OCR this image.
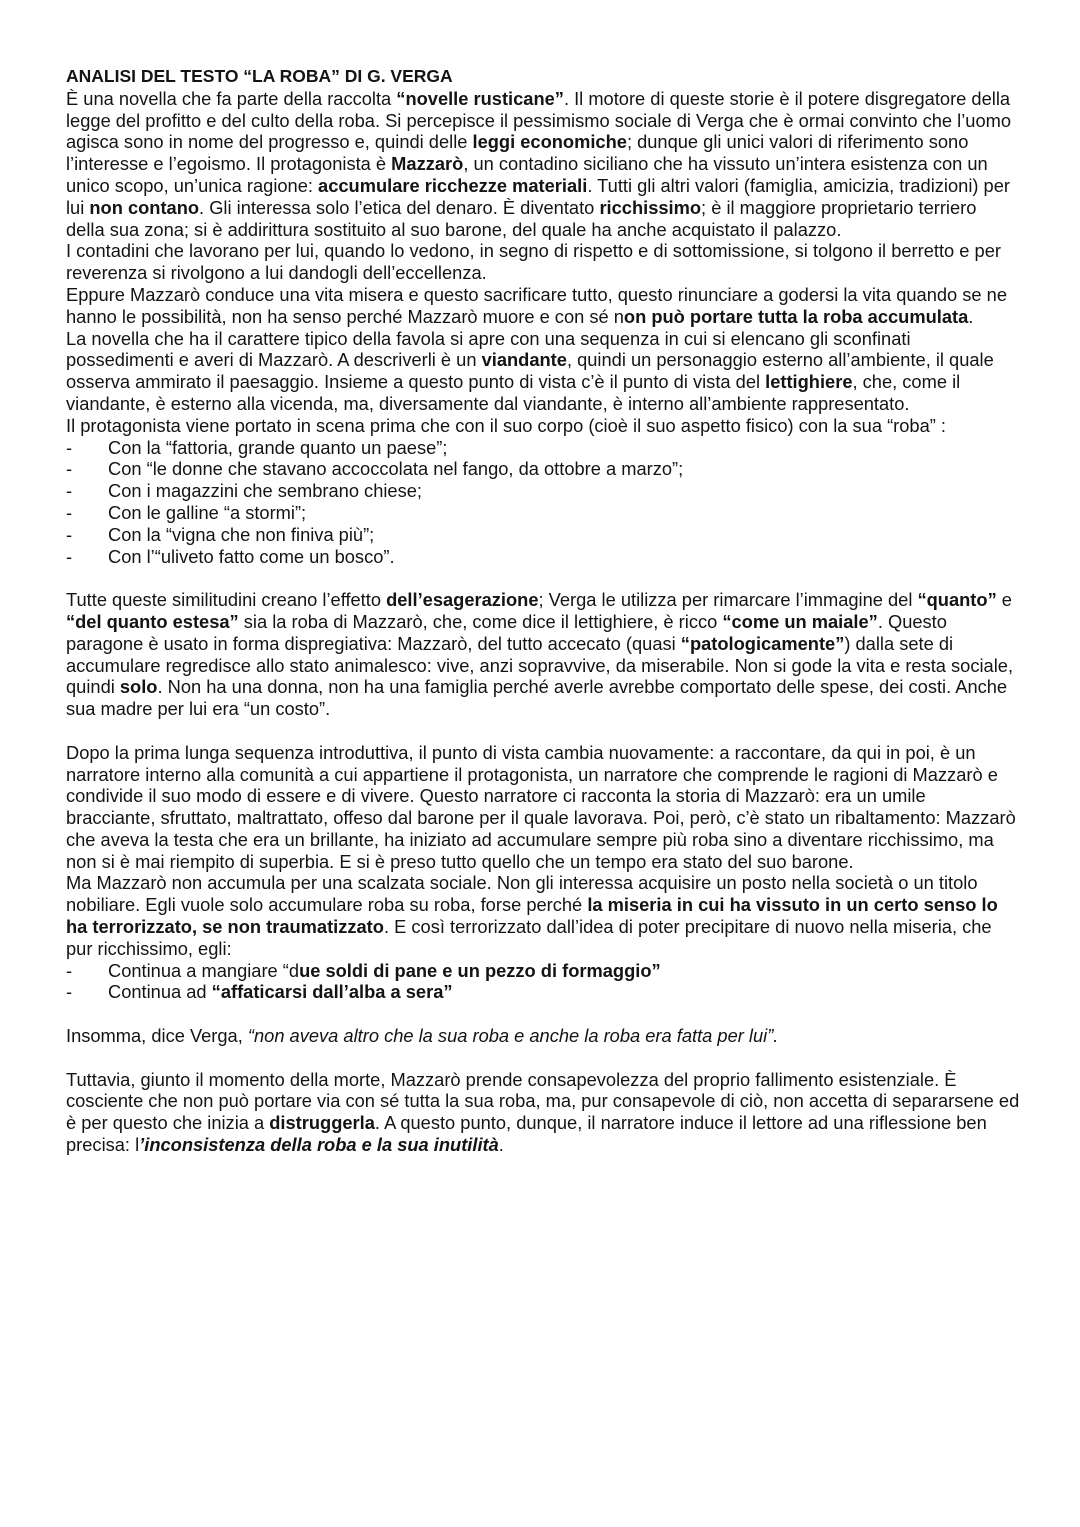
ANALISI DEL TESTO “LA ROBA” DI G. VERGA

È una novella che fa parte della raccolta “novelle rusticane”. Il motore di queste storie è il potere disgregatore della legge del profitto e del culto della roba. Si percepisce il pessimismo sociale di Verga che è ormai convinto che l’uomo agisca sono in nome del progresso e, quindi delle leggi economiche; dunque gli unici valori di riferimento sono l’interesse e l’egoismo. Il protagonista è Mazzarò, un contadino siciliano che ha vissuto un’intera esistenza con un unico scopo, un’unica ragione: accumulare ricchezze materiali. Tutti gli altri valori (famiglia, amicizia, tradizioni) per lui non contano. Gli interessa solo l’etica del denaro. È diventato ricchissimo; è il maggiore proprietario terriero della sua zona; si è addirittura sostituito al suo barone, del quale ha anche acquistato il palazzo.

I contadini che lavorano per lui, quando lo vedono, in segno di rispetto e di sottomissione, si tolgono il berretto e per reverenza si rivolgono a lui dandogli dell’eccellenza.

Eppure Mazzarò conduce una vita misera e questo sacrificare tutto, questo rinunciare a godersi la vita quando se ne hanno le possibilità, non ha senso perché Mazzarò muore e con sé non può portare tutta la roba accumulata.

La novella che ha il carattere tipico della favola si apre con una sequenza in cui si elencano gli sconfinati possedimenti e averi di Mazzarò. A descriverli è un viandante, quindi un personaggio esterno all’ambiente, il quale osserva ammirato il paesaggio. Insieme a questo punto di vista c’è il punto di vista del lettighiere, che, come il viandante, è esterno alla vicenda, ma, diversamente dal viandante, è interno all’ambiente rappresentato.

Il protagonista viene portato in scena prima che con il suo corpo (cioè il suo aspetto fisico) con la sua “roba” :

- Con la “fattoria, grande quanto un paese”;
- Con “le donne che stavano accoccolata nel fango, da ottobre a marzo”;
- Con i magazzini che sembrano chiese;
- Con le galline “a stormi”;
- Con la “vigna che non finiva più”;
- Con l’“uliveto fatto come un bosco”.

Tutte queste similitudini creano l’effetto dell’esagerazione; Verga le utilizza per rimarcare l’immagine del “quanto” e “del quanto estesa” sia la roba di Mazzarò, che, come dice il lettighiere, è ricco “come un maiale”. Questo paragone è usato in forma dispregiativa: Mazzarò, del tutto accecato (quasi “patologicamente”) dalla sete di accumulare regredisce allo stato animalesco: vive, anzi sopravvive, da miserabile. Non si gode la vita e resta sociale, quindi solo. Non ha una donna, non ha una famiglia perché averle avrebbe comportato delle spese, dei costi. Anche sua madre per lui era “un costo”.

Dopo la prima lunga sequenza introduttiva, il punto di vista cambia nuovamente: a raccontare, da qui in poi, è un narratore interno alla comunità a cui appartiene il protagonista, un narratore che comprende le ragioni di Mazzarò e condivide il suo modo di essere e di vivere. Questo narratore ci racconta la storia di Mazzarò: era un umile bracciante, sfruttato, maltrattato, offeso dal barone per il quale lavorava. Poi, però, c’è stato un ribaltamento: Mazzarò che aveva la testa che era un brillante, ha iniziato ad accumulare sempre più roba sino a diventare ricchissimo, ma non si è mai riempito di superbia. E si è preso tutto quello che un tempo era stato del suo barone.

Ma Mazzarò non accumula per una scalzata sociale. Non gli interessa acquisire un posto nella società o un titolo nobiliare. Egli vuole solo accumulare roba su roba, forse perché la miseria in cui ha vissuto in un certo senso lo ha terrorizzato, se non traumatizzato. E così terrorizzato dall’idea di poter precipitare di nuovo nella miseria, che pur ricchissimo, egli:

- Continua a mangiare “due soldi di pane e un pezzo di formaggio”
- Continua ad “affaticarsi dall’alba a sera”

Insomma, dice Verga, “non aveva altro che la sua roba e anche la roba era fatta per lui”.

Tuttavia, giunto il momento della morte, Mazzarò prende consapevolezza del proprio fallimento esistenziale. È cosciente che non può portare via con sé tutta la sua roba, ma, pur consapevole di ciò, non accetta di separarsene ed è per questo che inizia a distruggerla. A questo punto, dunque, il narratore induce il lettore ad una riflessione ben precisa: l’inconsistenza della roba e la sua inutilità.
